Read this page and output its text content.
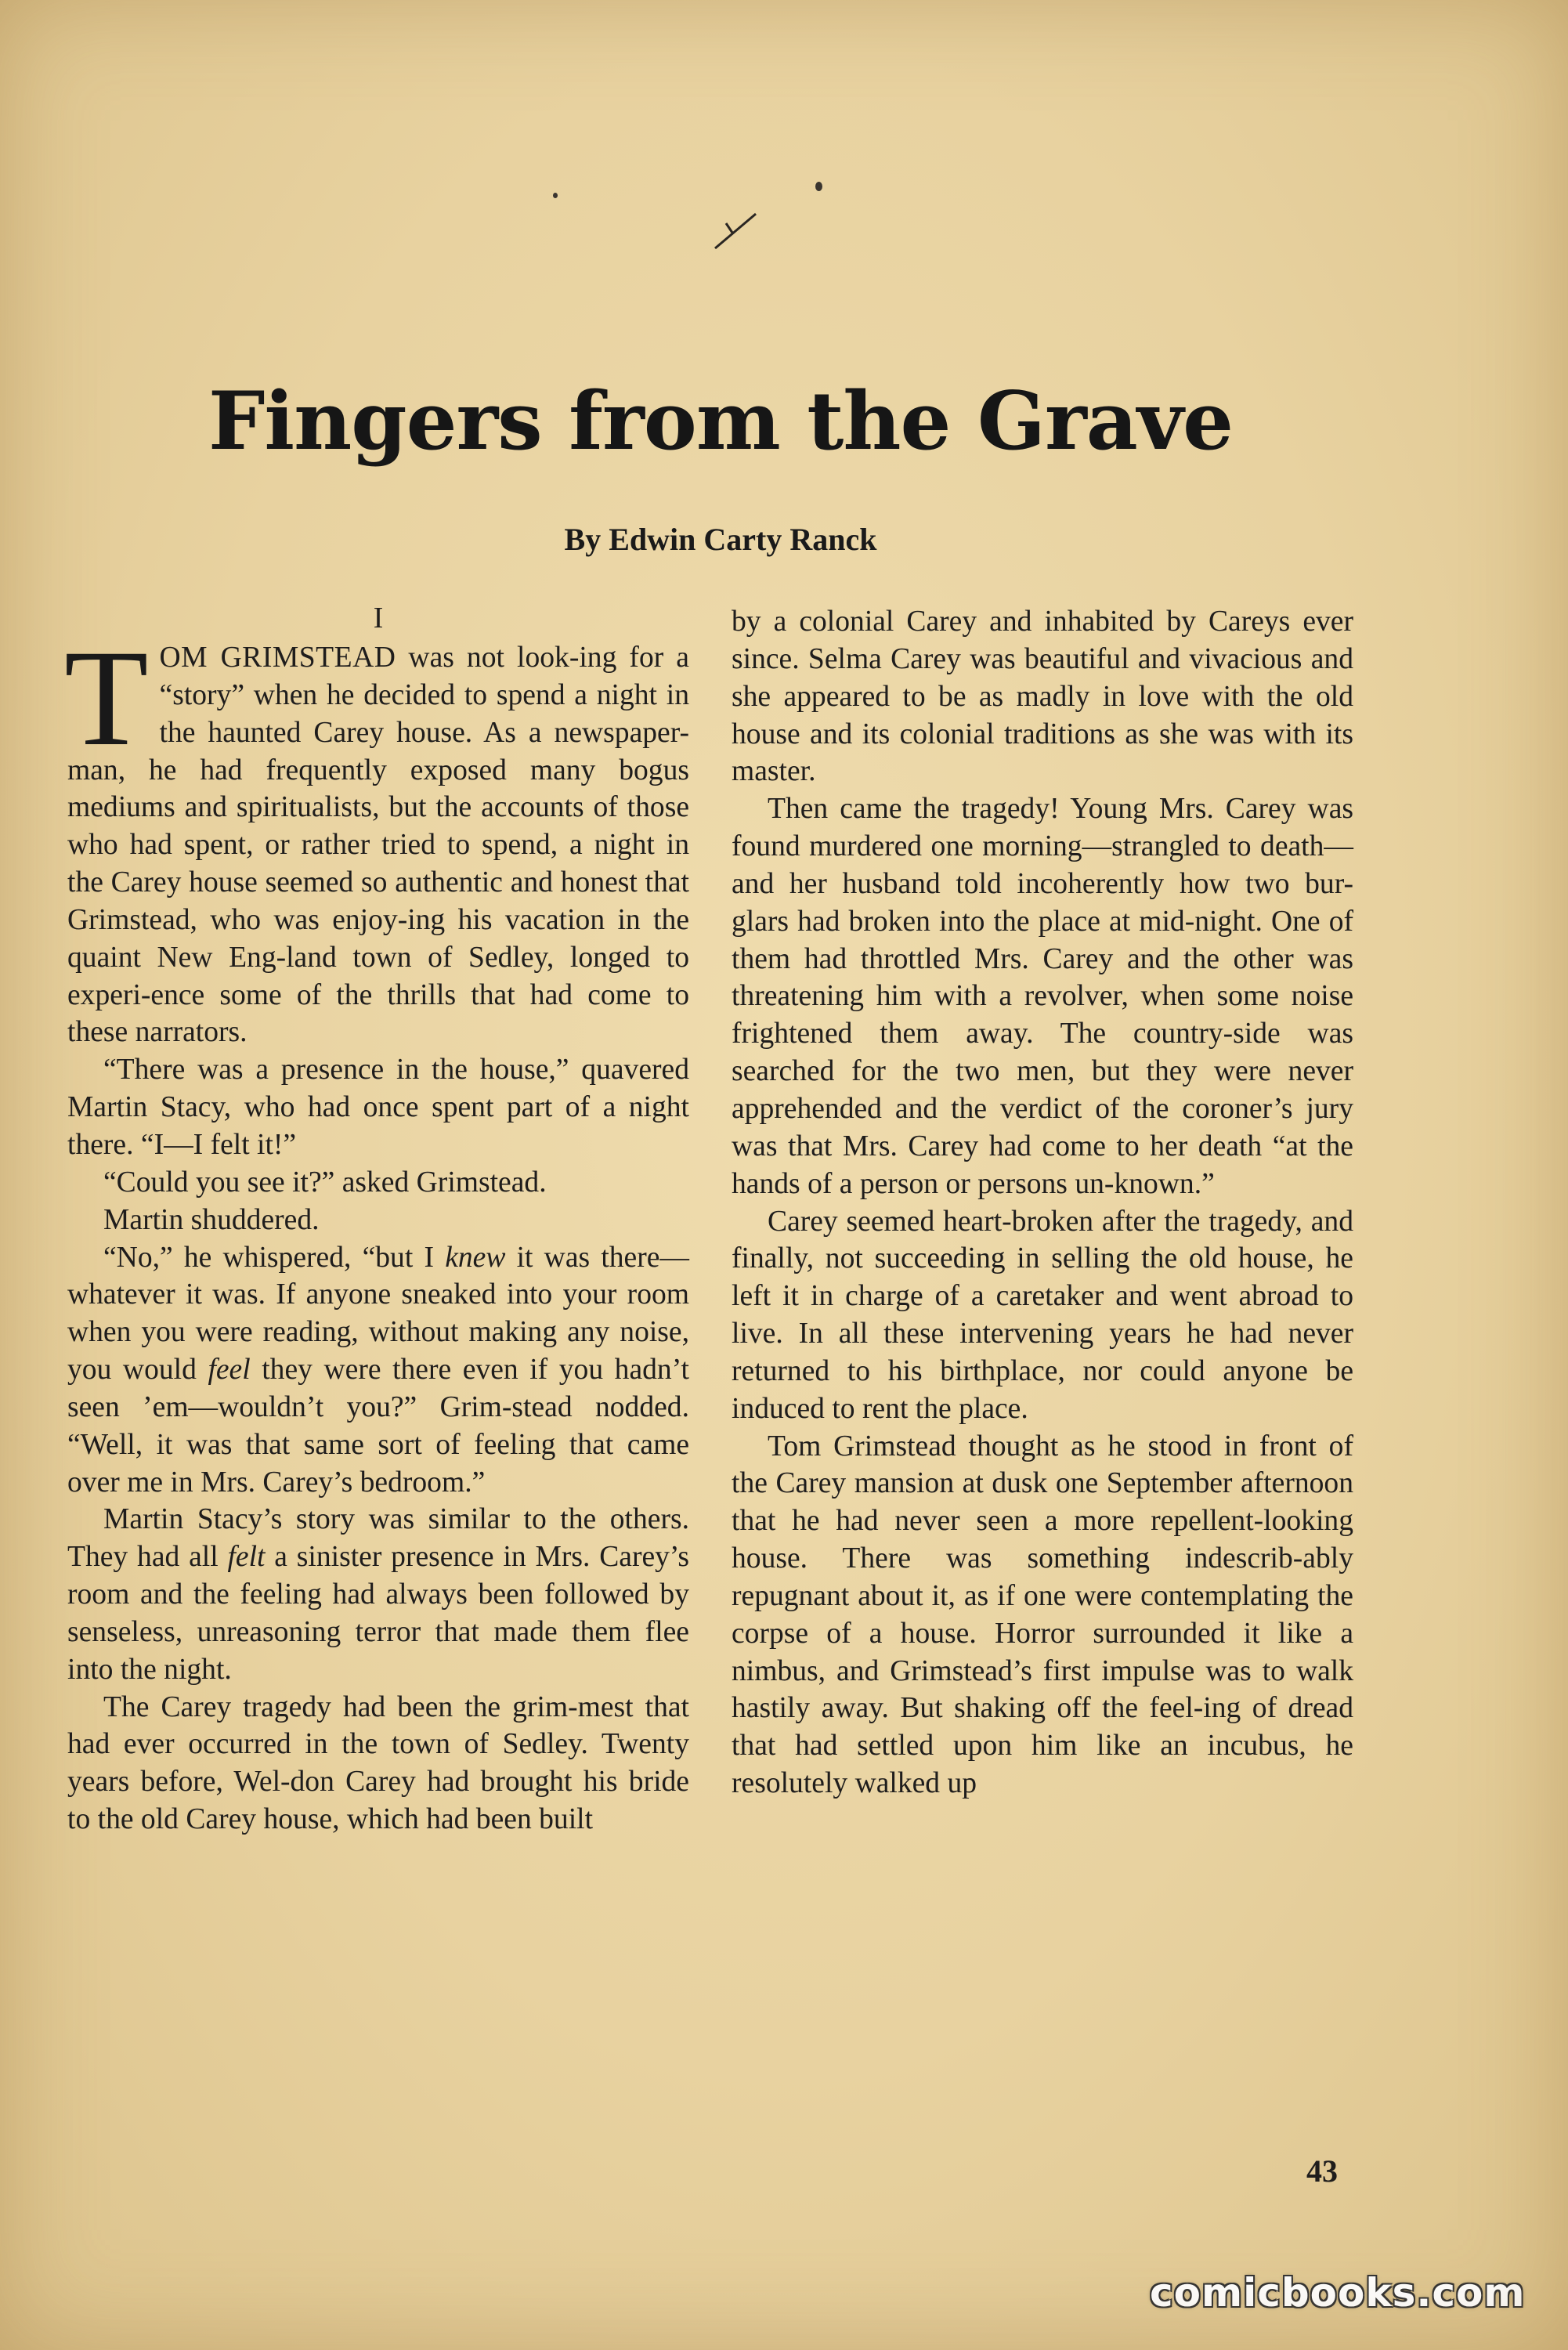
Fingers from the Grave
By Edwin Carty Ranck
I

TOM GRIMSTEAD was not look-ing for a “story” when he decided to spend a night in the haunted Carey house. As a newspaper-man, he had frequently exposed many bogus mediums and spiritualists, but the accounts of those who had spent, or rather tried to spend, a night in the Carey house seemed so authentic and honest that Grimstead, who was enjoy-ing his vacation in the quaint New Eng-land town of Sedley, longed to experi-ence some of the thrills that had come to these narrators.

“There was a presence in the house,” quavered Martin Stacy, who had once spent part of a night there. “I—I felt it!”

“Could you see it?” asked Grimstead.

Martin shuddered.

“No,” he whispered, “but I knew it was there—whatever it was. If anyone sneaked into your room when you were reading, without making any noise, you would feel they were there even if you hadn’t seen ’em—wouldn’t you?” Grim-stead nodded. “Well, it was that same sort of feeling that came over me in Mrs. Carey’s bedroom.”

Martin Stacy’s story was similar to the others. They had all felt a sinister presence in Mrs. Carey’s room and the feeling had always been followed by senseless, unreasoning terror that made them flee into the night.

The Carey tragedy had been the grim-mest that had ever occurred in the town of Sedley. Twenty years before, Wel-don Carey had brought his bride to the old Carey house, which had been built

by a colonial Carey and inhabited by Careys ever since. Selma Carey was beautiful and vivacious and she appeared to be as madly in love with the old house and its colonial traditions as she was with its master.

Then came the tragedy! Young Mrs. Carey was found murdered one morning—strangled to death—and her husband told incoherently how two bur-glars had broken into the place at mid-night. One of them had throttled Mrs. Carey and the other was threatening him with a revolver, when some noise frightened them away. The country-side was searched for the two men, but they were never apprehended and the verdict of the coroner’s jury was that Mrs. Carey had come to her death “at the hands of a person or persons un-known.”

Carey seemed heart-broken after the tragedy, and finally, not succeeding in selling the old house, he left it in charge of a caretaker and went abroad to live. In all these intervening years he had never returned to his birthplace, nor could anyone be induced to rent the place.

Tom Grimstead thought as he stood in front of the Carey mansion at dusk one September afternoon that he had never seen a more repellent-looking house. There was something indescrib-ably repugnant about it, as if one were contemplating the corpse of a house. Horror surrounded it like a nimbus, and Grimstead’s first impulse was to walk hastily away. But shaking off the feel-ing of dread that had settled upon him like an incubus, he resolutely walked up

43
comicbooks.com
